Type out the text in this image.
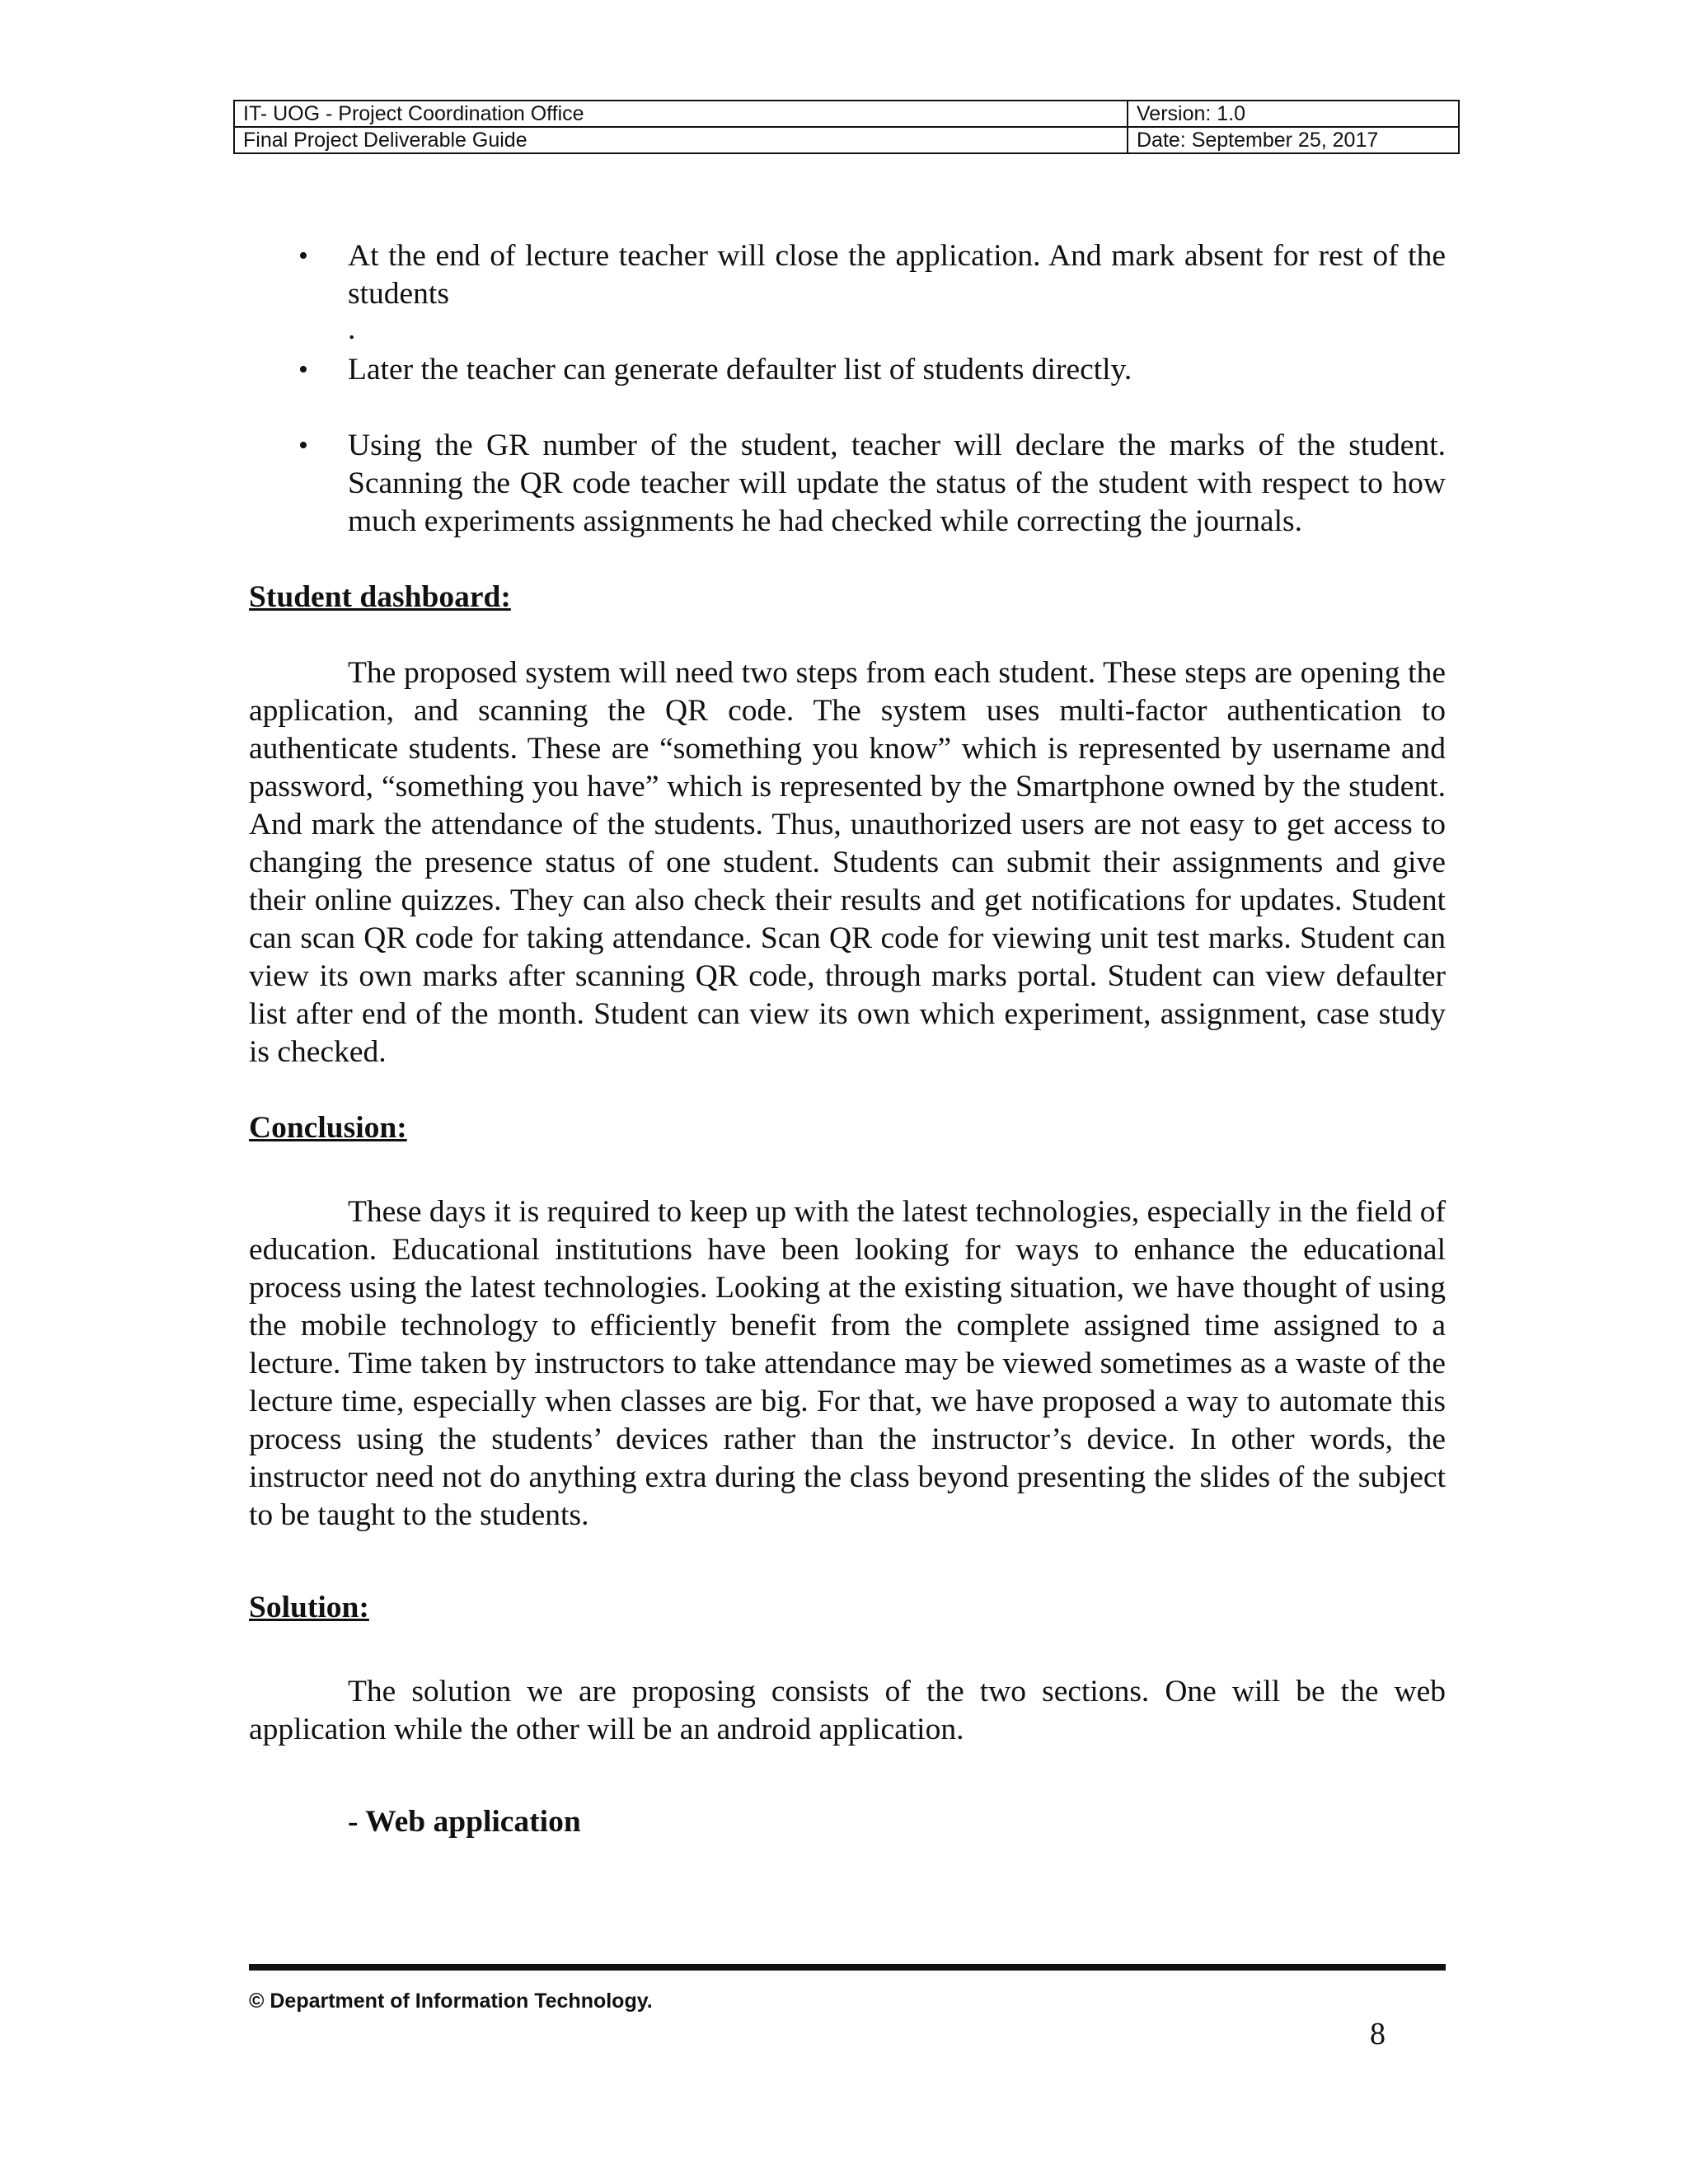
IT- UOG - Project Coordination Office	Version: 1.0
Final Project Deliverable Guide	Date: September 25, 2017
• At the end of lecture teacher will close the application. And mark absent for rest of the students
.
• Later the teacher can generate defaulter list of students directly.
• Using the GR number of the student, teacher will declare the marks of the student. Scanning the QR code teacher will update the status of the student with respect to how much experiments assignments he had checked while correcting the journals.

Student dashboard:

The proposed system will need two steps from each student. These steps are opening the application, and scanning the QR code. The system uses multi-factor authentication to authenticate students. These are “something you know” which is represented by username and password, “something you have” which is represented by the Smartphone owned by the student. And mark the attendance of the students. Thus, unauthorized users are not easy to get access to changing the presence status of one student. Students can submit their assignments and give their online quizzes. They can also check their results and get notifications for updates. Student can scan QR code for taking attendance. Scan QR code for viewing unit test marks. Student can view its own marks after scanning QR code, through marks portal. Student can view defaulter list after end of the month. Student can view its own which experiment, assignment, case study is checked.

Conclusion:

These days it is required to keep up with the latest technologies, especially in the field of education. Educational institutions have been looking for ways to enhance the educational process using the latest technologies. Looking at the existing situation, we have thought of using the mobile technology to efficiently benefit from the complete assigned time assigned to a lecture. Time taken by instructors to take attendance may be viewed sometimes as a waste of the lecture time, especially when classes are big. For that, we have proposed a way to automate this process using the students’ devices rather than the instructor’s device. In other words, the instructor need not do anything extra during the class beyond presenting the slides of the subject to be taught to the students.

Solution:

The solution we are proposing consists of the two sections. One will be the web application while the other will be an android application.

- Web application

© Department of Information Technology.
8
